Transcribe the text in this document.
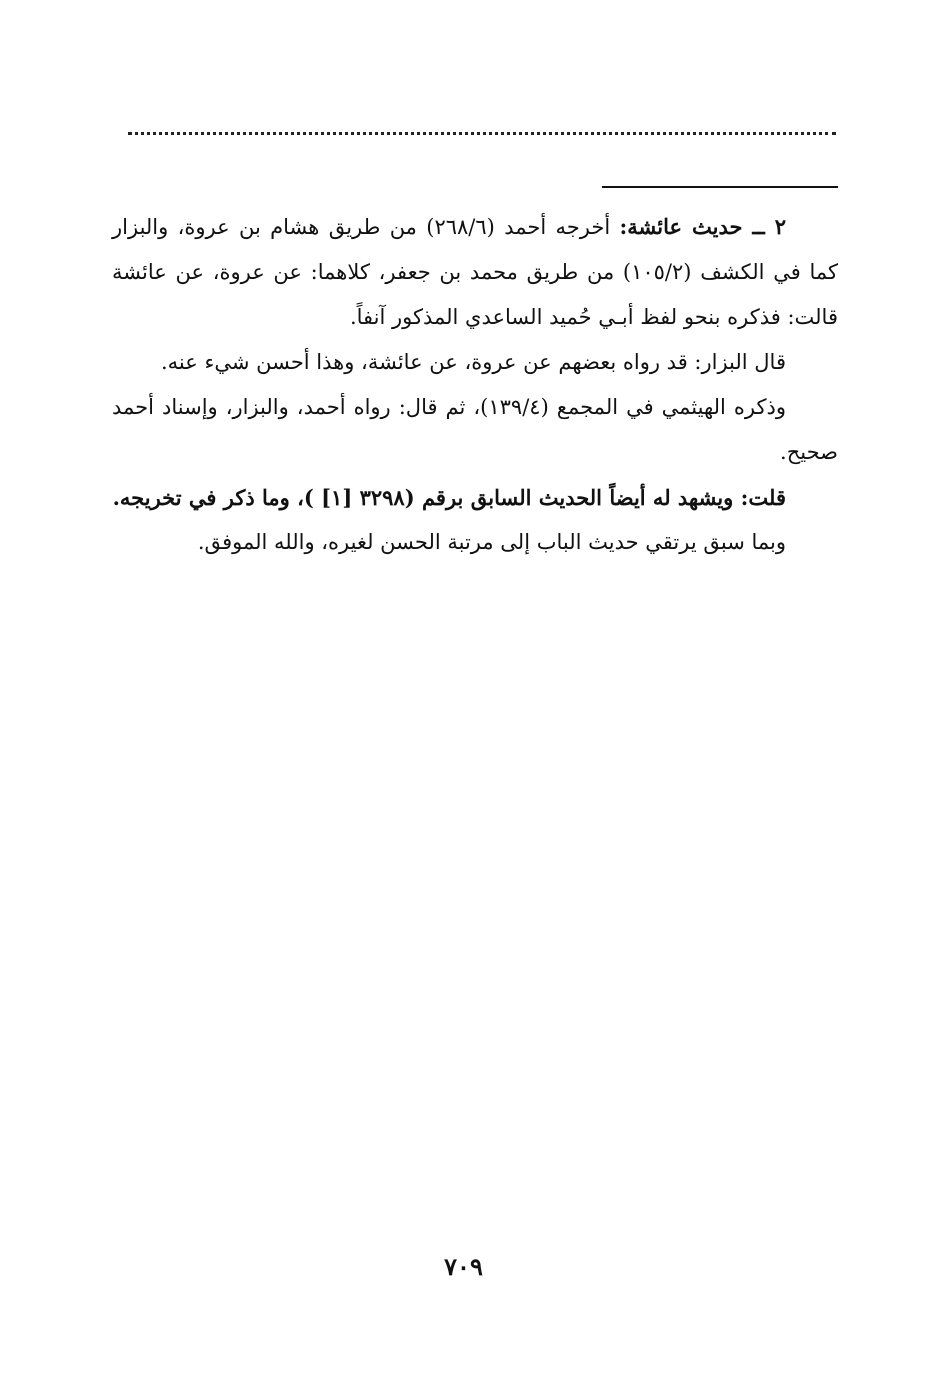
٢ ــ حديث عائشة: أخرجه أحمد (٢٦٨/٦) من طريق هشام بن عروة، والبزار كما في الكشف (١٠٥/٢) من طريق محمد بن جعفر، كلاهما: عن عروة، عن عائشة قالت: فذكره بنحو لفظ أبـي حُميد الساعدي المذكور آنفاً.

قال البزار: قد رواه بعضهم عن عروة، عن عائشة، وهذا أحسن شيء عنه.

وذكره الهيثمي في المجمع (١٣٩/٤)، ثم قال: رواه أحمد، والبزار، وإسناد أحمد صحيح.

قلت: ويشهد له أيضاً الحديث السابق برقم (٣٢٩٨ [١] )، وما ذكر في تخريجه.

وبما سبق يرتقي حديث الباب إلى مرتبة الحسن لغيره، والله الموفق.

٧٠٩
